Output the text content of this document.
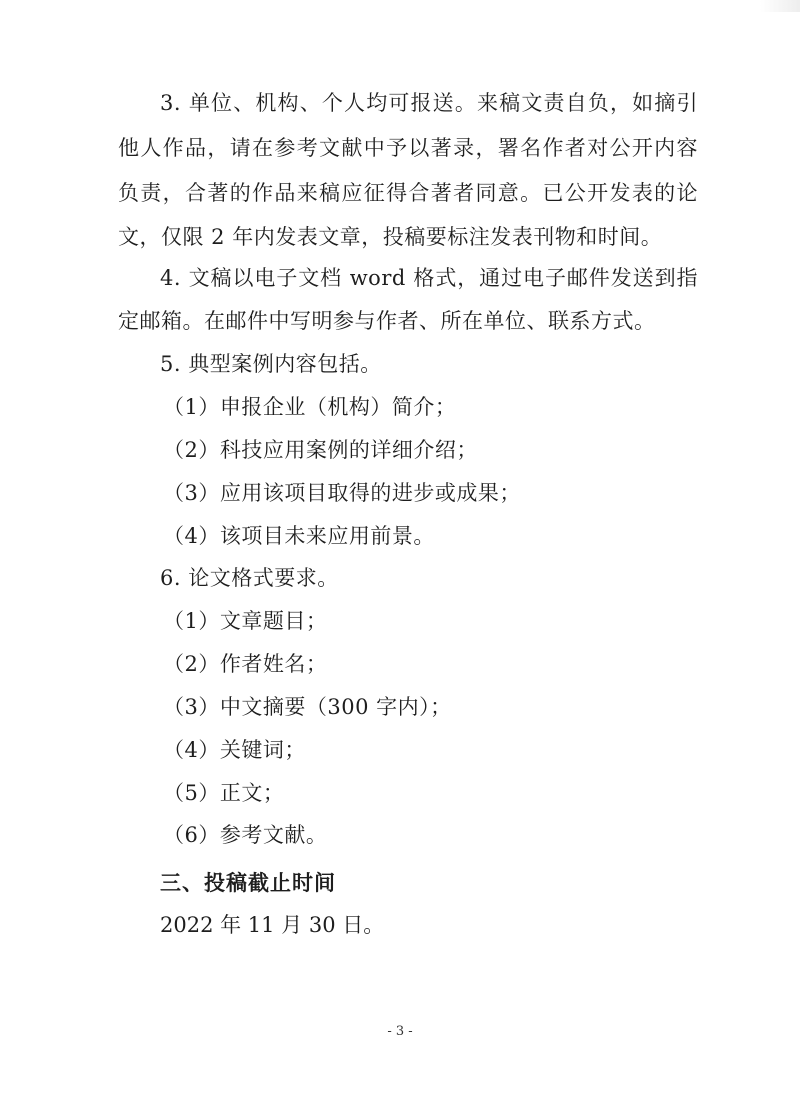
3. 单位、机构、个人均可报送。来稿文责自负，如摘引
他人作品，请在参考文献中予以著录，署名作者对公开内容
负责，合著的作品来稿应征得合著者同意。已公开发表的论
文，仅限 2 年内发表文章，投稿要标注发表刊物和时间。
4. 文稿以电子文档 word 格式，通过电子邮件发送到指
定邮箱。在邮件中写明参与作者、所在单位、联系方式。
5. 典型案例内容包括。
（1）申报企业（机构）简介；
（2）科技应用案例的详细介绍；
（3）应用该项目取得的进步或成果；
（4）该项目未来应用前景。
6. 论文格式要求。
（1）文章题目；
（2）作者姓名；
（3）中文摘要（300 字内）；
（4）关键词；
（5）正文；
（6）参考文献。
三、投稿截止时间
2022 年 11 月 30 日。
- 3 -
